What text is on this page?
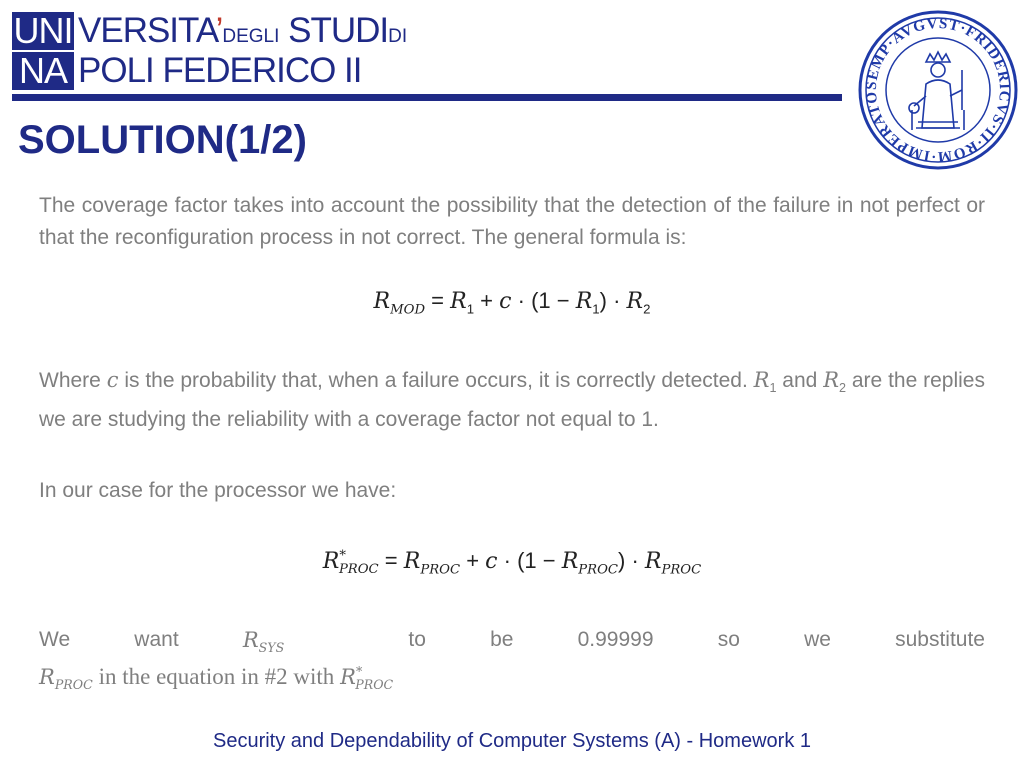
UNI
NA
VERSITA’DEGLI STUDIDI
POLI FEDERICO II	SEMP·AVGVST·FRIDERICVS·II·ROM·IMPERATO
SOLUTION(1/2)
The coverage factor takes into account the possibility that the detection of the failure in not perfect or that the reconfiguration process in not correct. The general formula is:
$R_{MOD} = R_1 + c \cdot (1 - R_1) \cdot R_2$
Where c is the probability that, when a failure occurs, it is correctly detected. $R_1$ and $R_2$ are the replies we are studying the reliability with a coverage factor not equal to 1.
In our case for the processor we have:
$R^*_{PROC} = R_{PROC} + c \cdot (1 - R_{PROC}) \cdot R_{PROC}$
We	want	$R_{SYS}$	to	be	0.99999	so	we	substitute
$R_{PROC}$ in the equation in #2 with $R^*_{PROC}$
Security and Dependability of Computer Systems (A) - Homework 1
